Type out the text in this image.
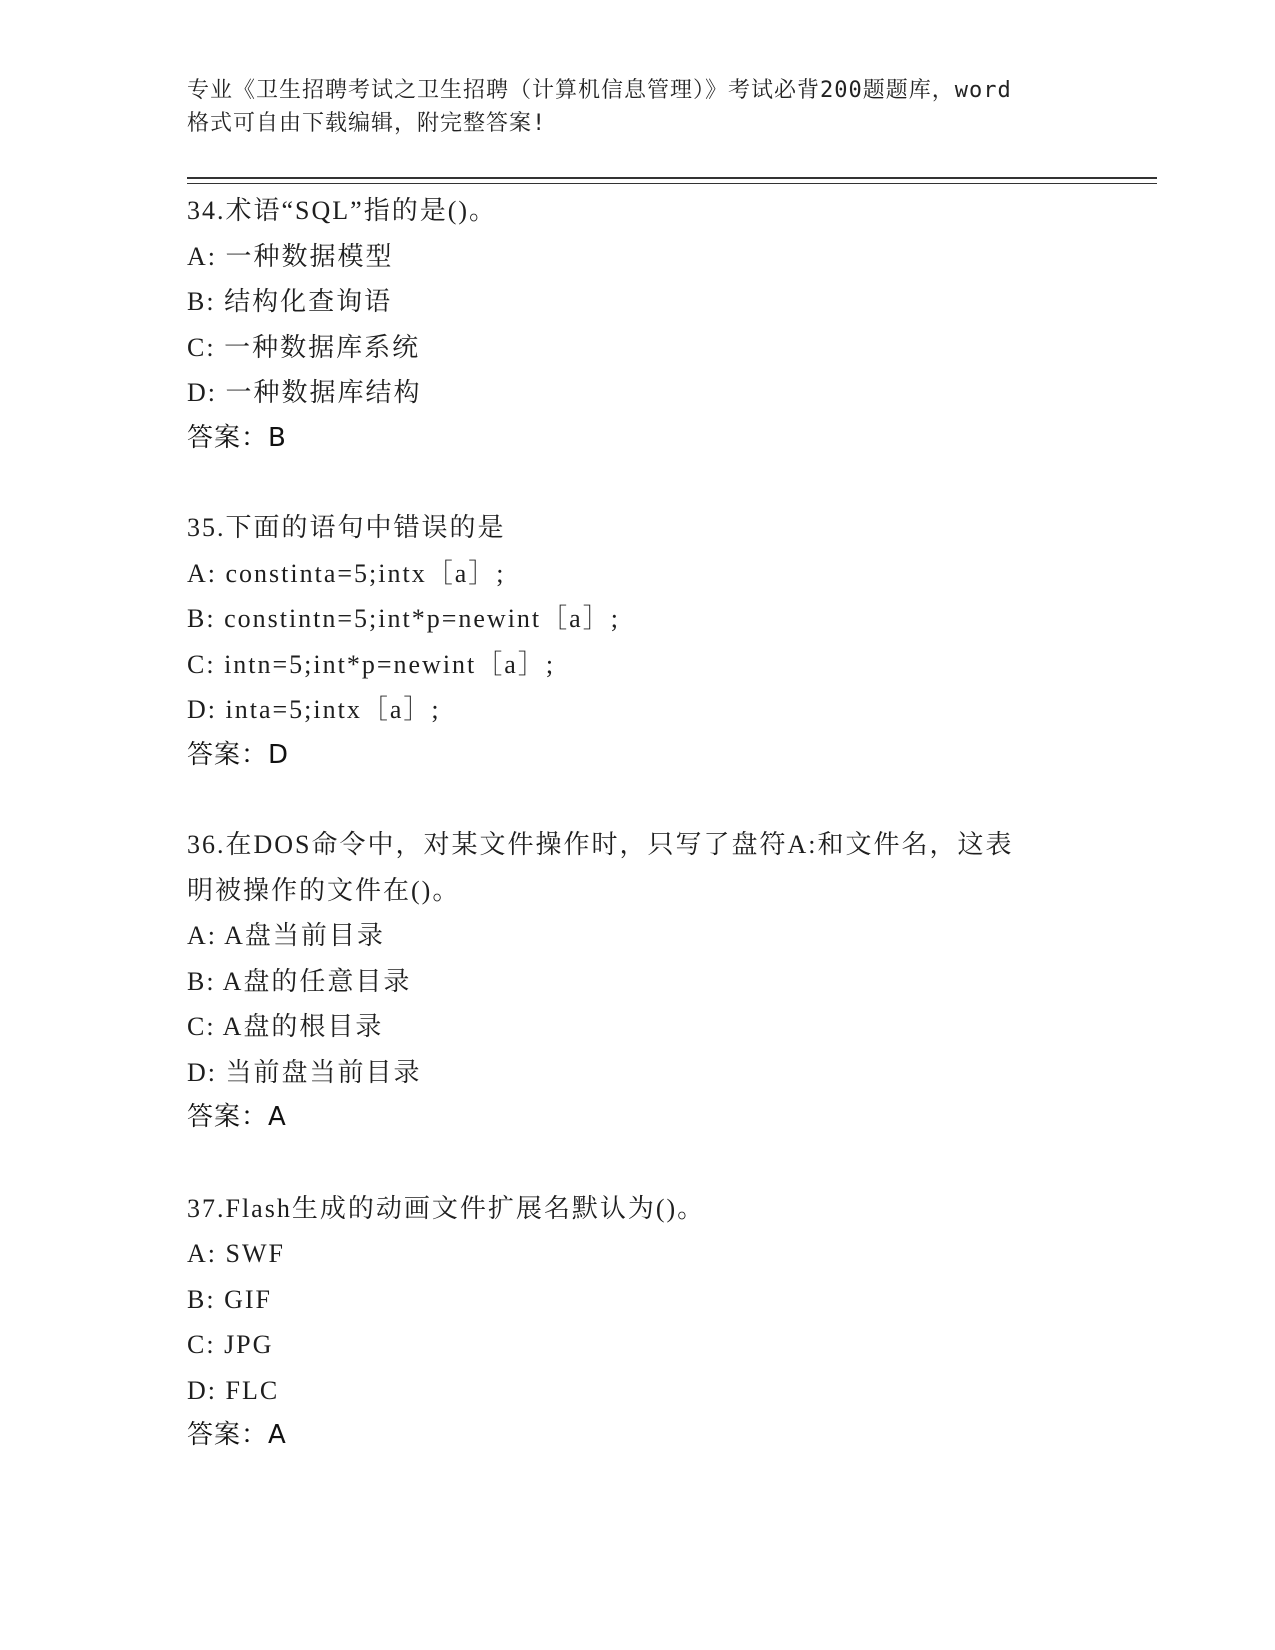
专业《卫生招聘考试之卫生招聘（计算机信息管理）》考试必背200题题库，word
格式可自由下载编辑，附完整答案!
34.术语“SQL”指的是()。
A: 一种数据模型
B: 结构化查询语
C: 一种数据库系统
D: 一种数据库结构
答案：B
35.下面的语句中错误的是
A: constinta=5;intx［a］;
B: constintn=5;int*p=newint［a］;
C: intn=5;int*p=newint［a］;
D: inta=5;intx［a］;
答案：D
36.在DOS命令中，对某文件操作时，只写了盘符A:和文件名，这表
明被操作的文件在()。
A: A盘当前目录
B: A盘的任意目录
C: A盘的根目录
D: 当前盘当前目录
答案：A
37.Flash生成的动画文件扩展名默认为()。
A: SWF
B: GIF
C: JPG
D: FLC
答案：A
